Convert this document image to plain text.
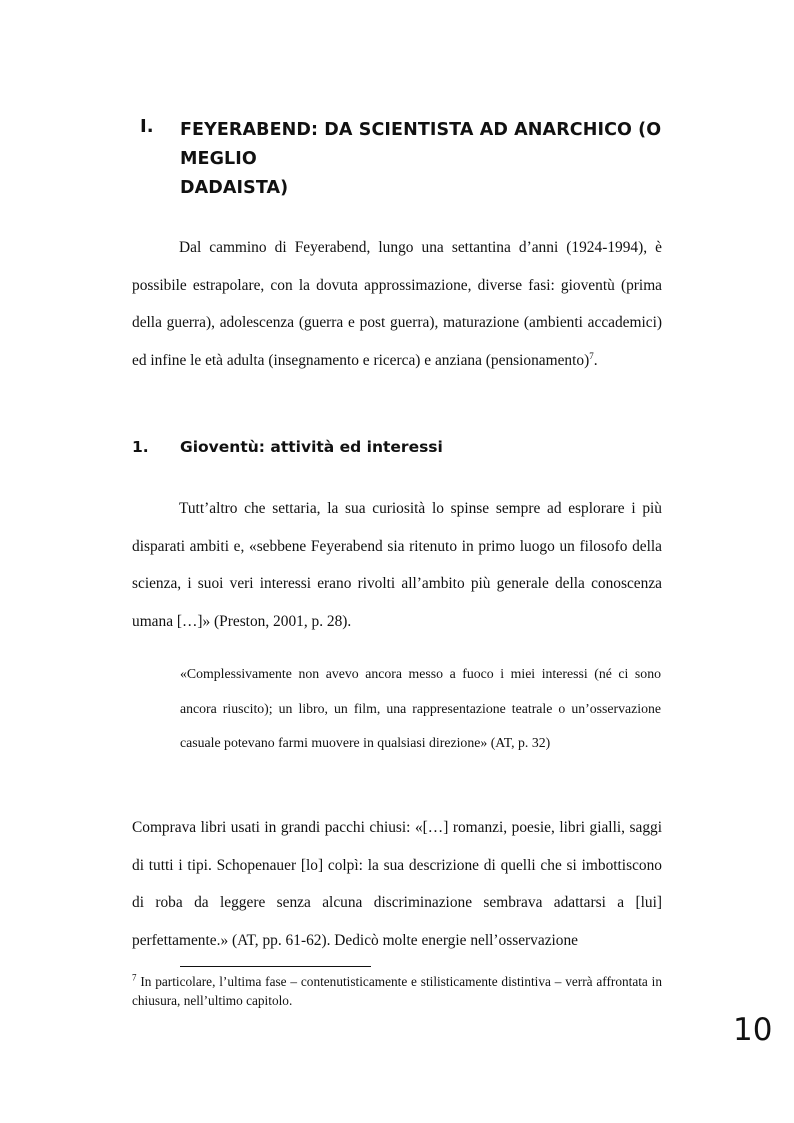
I. FEYERABEND: DA SCIENTISTA AD ANARCHICO (O MEGLIO
DADAISTA)

Dal cammino di Feyerabend, lungo una settantina d’anni (1924-1994), è possibile estrapolare, con la dovuta approssimazione, diverse fasi: gioventù (prima della guerra), adolescenza (guerra e post guerra), maturazione (ambienti accademici) ed infine le età adulta (insegnamento e ricerca) e anziana (pensionamento)$^7$.

1. Gioventù: attività ed interessi

Tutt’altro che settaria, la sua curiosità lo spinse sempre ad esplorare i più disparati ambiti e, «sebbene Feyerabend sia ritenuto in primo luogo un filosofo della scienza, i suoi veri interessi erano rivolti all’ambito più generale della conoscenza umana […]» (Preston, 2001, p. 28).

«Complessivamente non avevo ancora messo a fuoco i miei interessi (né ci sono ancora riuscito); un libro, un film, una rappresentazione teatrale o un’osservazione casuale potevano farmi muovere in qualsiasi direzione» (AT, p. 32)

Comprava libri usati in grandi pacchi chiusi: «[…] romanzi, poesie, libri gialli, saggi di tutti i tipi. Schopenauer [lo] colpì: la sua descrizione di quelli che si imbottiscono di roba da leggere senza alcuna discriminazione sembrava adattarsi a [lui] perfettamente.» (AT, pp. 61-62). Dedicò molte energie nell’osservazione

$^7$ In particolare, l’ultima fase – contenutisticamente e stilisticamente distintiva – verrà affrontata in chiusura, nell’ultimo capitolo.

10
